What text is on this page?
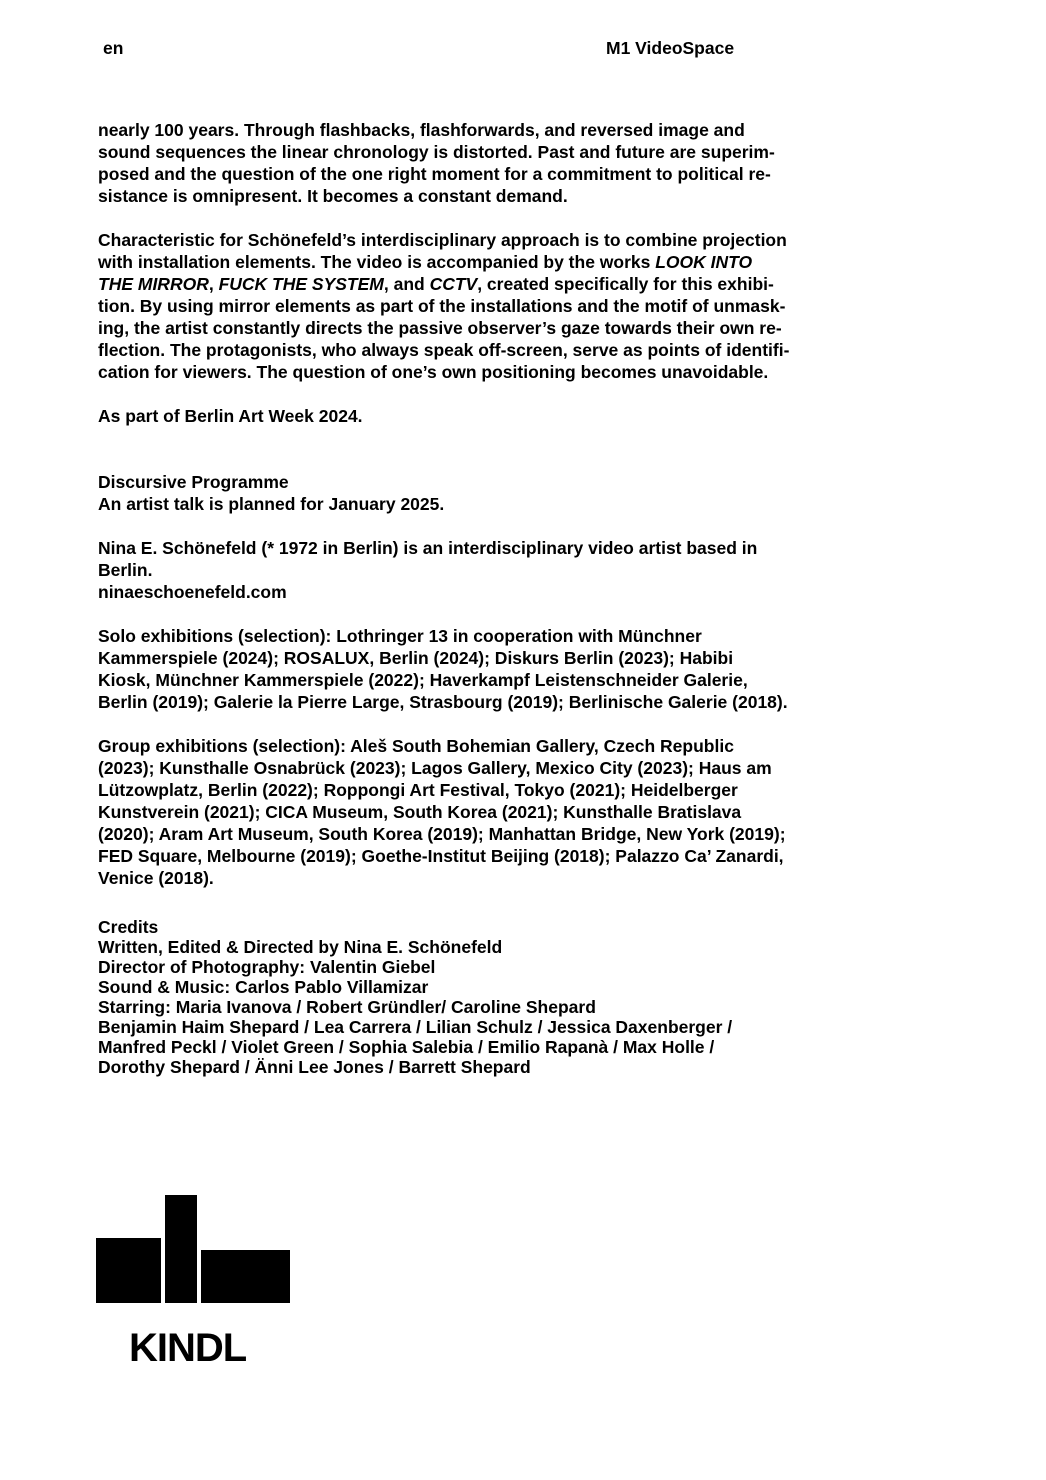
en	M1 VideoSpace

nearly 100 years. Through flashbacks, flashforwards, and reversed image and
sound sequences the linear chronology is distorted. Past and future are superim-
posed and the question of the one right moment for a commitment to political re-
sistance is omnipresent. It becomes a constant demand.

Characteristic for Schönefeld’s interdisciplinary approach is to combine projection
with installation elements. The video is accompanied by the works LOOK INTO
THE MIRROR, FUCK THE SYSTEM, and CCTV, created specifically for this exhibi-
tion. By using mirror elements as part of the installations and the motif of unmask-
ing, the artist constantly directs the passive observer’s gaze towards their own re-
flection. The protagonists, who always speak off-screen, serve as points of identifi-
cation for viewers. The question of one’s own positioning becomes unavoidable.

As part of Berlin Art Week 2024.

Discursive Programme
An artist talk is planned for January 2025.

Nina E. Schönefeld (* 1972 in Berlin) is an interdisciplinary video artist based in
Berlin.
ninaeschoenefeld.com

Solo exhibitions (selection): Lothringer 13 in cooperation with Münchner
Kammerspiele (2024); ROSALUX, Berlin (2024); Diskurs Berlin (2023); Habibi
Kiosk, Münchner Kammerspiele (2022); Haverkampf Leistenschneider Galerie,
Berlin (2019); Galerie la Pierre Large, Strasbourg (2019); Berlinische Galerie (2018).

Group exhibitions (selection): Aleš South Bohemian Gallery, Czech Republic
(2023); Kunsthalle Osnabrück (2023); Lagos Gallery, Mexico City (2023); Haus am
Lützowplatz, Berlin (2022); Roppongi Art Festival, Tokyo (2021); Heidelberger
Kunstverein (2021); CICA Museum, South Korea (2021); Kunsthalle Bratislava
(2020); Aram Art Museum, South Korea (2019); Manhattan Bridge, New York (2019);
FED Square, Melbourne (2019); Goethe-Institut Beijing (2018); Palazzo Ca’ Zanardi,
Venice (2018).

Credits
Written, Edited & Directed by Nina E. Schönefeld
Director of Photography: Valentin Giebel
Sound & Music: Carlos Pablo Villamizar
Starring: Maria Ivanova / Robert Gründler/ Caroline Shepard
Benjamin Haim Shepard / Lea Carrera / Lilian Schulz / Jessica Daxenberger /
Manfred Peckl / Violet Green / Sophia Salebia / Emilio Rapanà / Max Holle /
Dorothy Shepard / Änni Lee Jones / Barrett Shepard

KINDL
